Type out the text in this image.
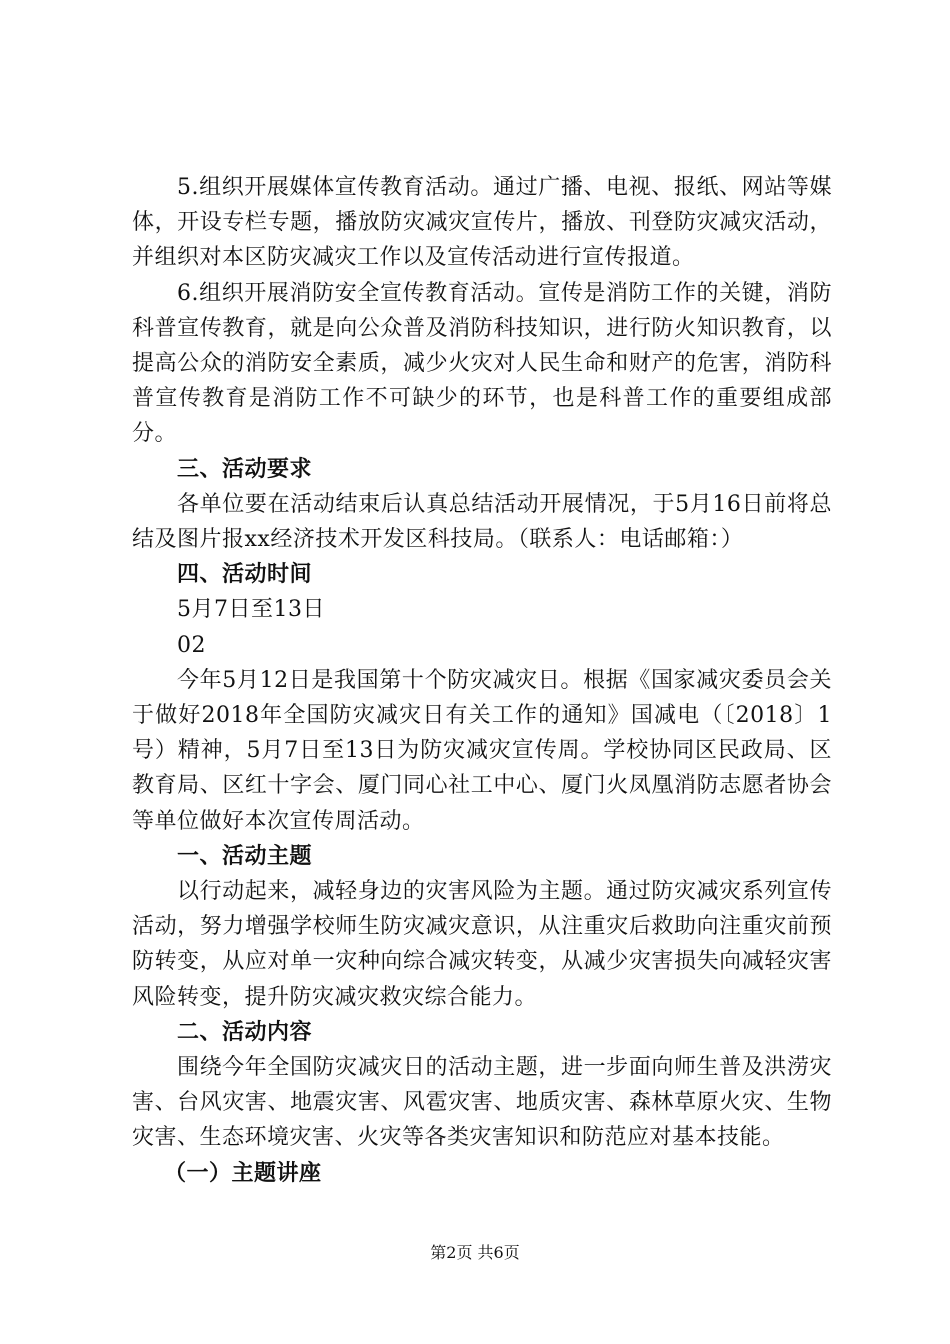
5.组织开展媒体宣传教育活动。通过广播、电视、报纸、网站等媒体，开设专栏专题，播放防灾减灾宣传片，播放、刊登防灾减灾活动，并组织对本区防灾减灾工作以及宣传活动进行宣传报道。

6.组织开展消防安全宣传教育活动。宣传是消防工作的关键，消防科普宣传教育，就是向公众普及消防科技知识，进行防火知识教育，以提高公众的消防安全素质，减少火灾对人民生命和财产的危害，消防科普宣传教育是消防工作不可缺少的环节，也是科普工作的重要组成部分。

三、活动要求

各单位要在活动结束后认真总结活动开展情况，于5月16日前将总结及图片报xx经济技术开发区科技局。（联系人：电话邮箱：）

四、活动时间

5月7日至13日

02

今年5月12日是我国第十个防灾减灾日。根据《国家减灾委员会关于做好2018年全国防灾减灾日有关工作的通知》国减电（〔2018〕1号）精神，5月7日至13日为防灾减灾宣传周。学校协同区民政局、区教育局、区红十字会、厦门同心社工中心、厦门火凤凰消防志愿者协会等单位做好本次宣传周活动。

一、活动主题

以行动起来，减轻身边的灾害风险为主题。通过防灾减灾系列宣传活动，努力增强学校师生防灾减灾意识，从注重灾后救助向注重灾前预防转变，从应对单一灾种向综合减灾转变，从减少灾害损失向减轻灾害风险转变，提升防灾减灾救灾综合能力。

二、活动内容

围绕今年全国防灾减灾日的活动主题，进一步面向师生普及洪涝灾害、台风灾害、地震灾害、风雹灾害、地质灾害、森林草原火灾、生物灾害、生态环境灾害、火灾等各类灾害知识和防范应对基本技能。

（一）主题讲座

第2页 共6页
